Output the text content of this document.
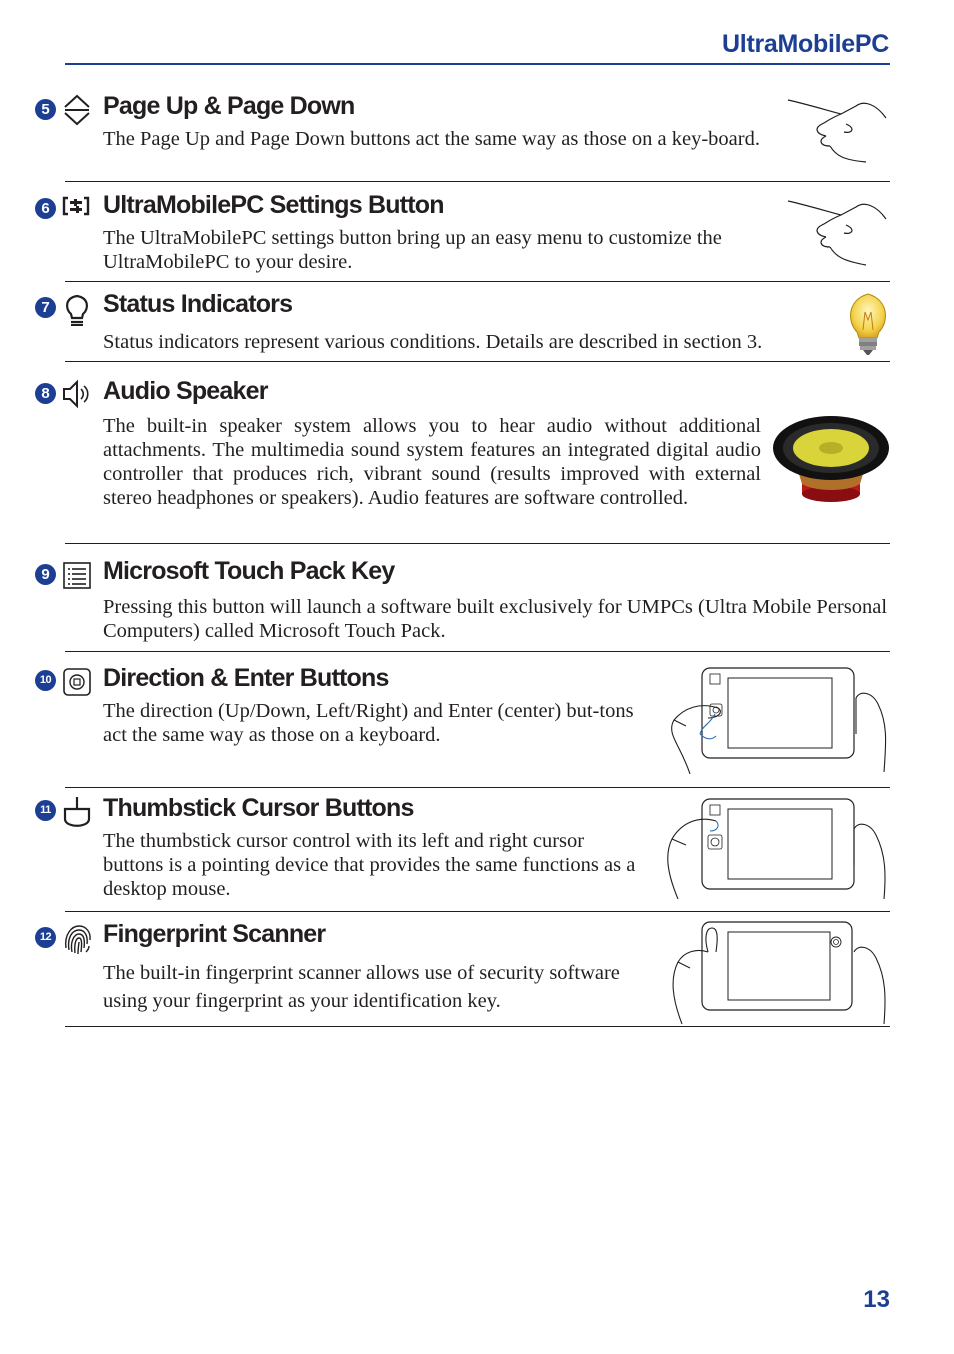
UltraMobilePC
5 Page Up & Page Down
The Page Up and Page Down buttons act the same way as those on a key-board.
6 UltraMobilePC Settings Button
The UltraMobilePC settings button bring up an easy menu to customize the UltraMobilePC to your desire.
7 Status Indicators
Status indicators represent various conditions. Details are described in section 3.
8 Audio Speaker
The built-in speaker system allows you to hear audio without additional attachments. The multimedia sound system features an integrated digital audio controller that produces rich, vibrant sound (results improved with external stereo headphones or speakers). Audio features are software controlled.
9 Microsoft Touch Pack Key
Pressing this button will launch a software built exclusively for UMPCs (Ultra Mobile Personal Computers) called Microsoft Touch Pack.
10 Direction & Enter Buttons
The direction (Up/Down, Left/Right) and Enter (center) but-tons act the same way as those on a keyboard.
11 Thumbstick Cursor Buttons
The thumbstick cursor control with its left and right cursor buttons is a pointing device that provides the same functions as a desktop mouse.
12 Fingerprint Scanner
The built-in fingerprint scanner allows use of security software using your fingerprint as your identification key.
13
